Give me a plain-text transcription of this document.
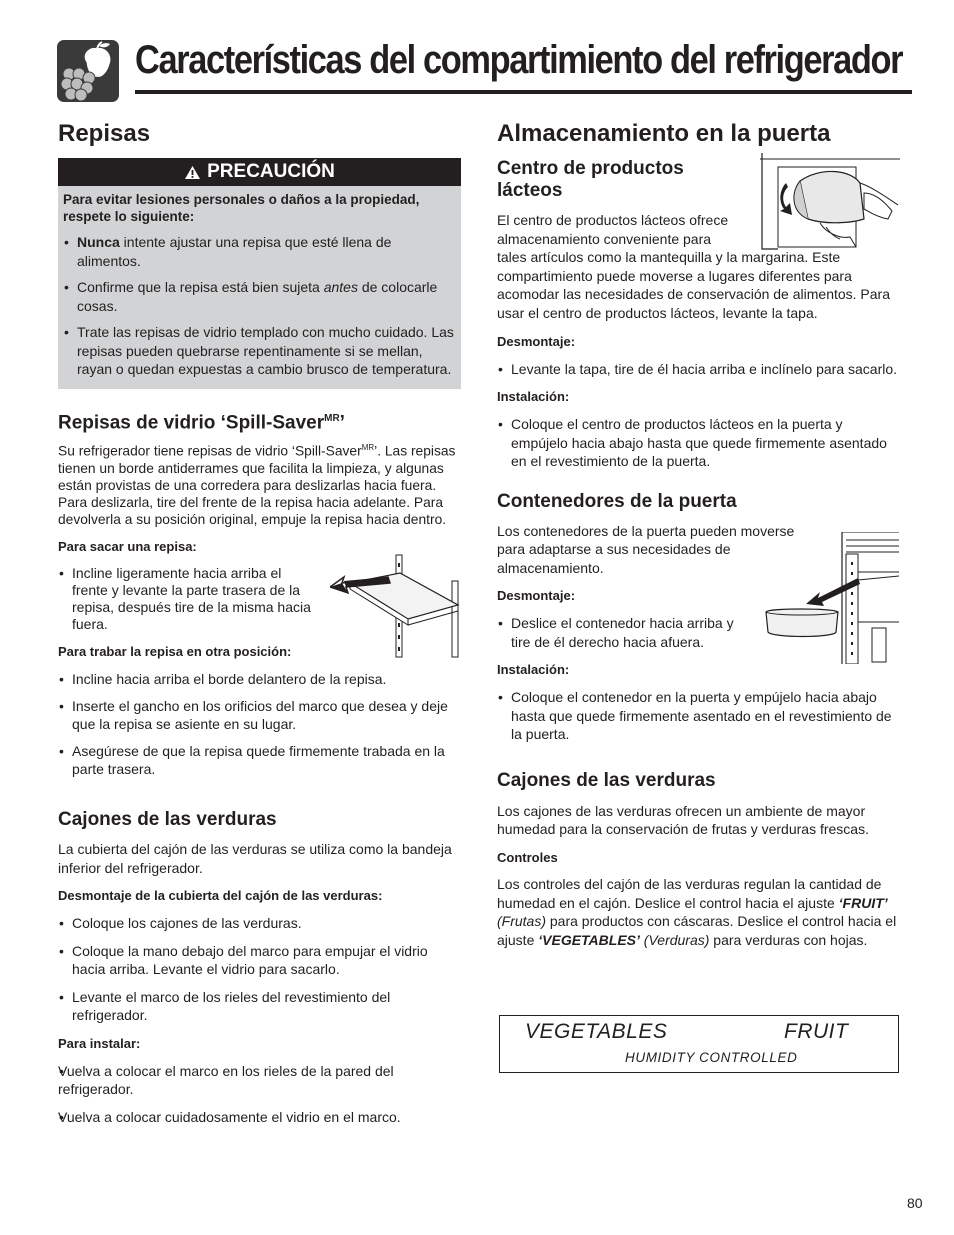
Características del compartimiento del refrigerador
Repisas
PRECAUCIÓN
Para evitar lesiones personales o daños a la propiedad, respete lo siguiente:
• Nunca intente ajustar una repisa que esté llena de alimentos.
• Confirme que la repisa está bien sujeta antes de colocarle cosas.
• Trate las repisas de vidrio templado con mucho cuidado. Las repisas pueden quebrarse repentinamente si se mellan, rayan o quedan expuestas a cambio brusco de temperatura.
Repisas de vidrio ‘Spill-Saver$^{MR}$’

Su refrigerador tiene repisas de vidrio ‘Spill-Saver$^{MR}$’. Las repisas tienen un borde antiderrames que facilita la limpieza, y algunas están provistas de una corredera para deslizarlas hacia fuera. Para deslizarla, tire del frente de la repisa hacia adelante. Para devolverla a su posición original, empuje la repisa hacia dentro.

Para sacar una repisa:
• Incline ligeramente hacia arriba el frente y levante la parte trasera de la repisa, después tire de la misma hacia fuera.
Para trabar la repisa en otra posición:
• Incline hacia arriba el borde delantero de la repisa.
• Inserte el gancho en los orificios del marco que desea y deje que la repisa se asiente en su lugar.
• Asegúrese de que la repisa quede firmemente trabada en la parte trasera.
Cajones de las verduras

La cubierta del cajón de las verduras se utiliza como la bandeja inferior del refrigerador.

Desmontaje de la cubierta del cajón de las verduras:
• Coloque los cajones de las verduras.
• Coloque la mano debajo del marco para empujar el vidrio hacia arriba. Levante el vidrio para sacarlo.
• Levante el marco de los rieles del revestimiento del refrigerador.
Para instalar:
• Vuelva a colocar el marco en los rieles de la pared del refrigerador.
• Vuelva a colocar cuidadosamente el vidrio en el marco.
Almacenamiento en la puerta
Centro de productos lácteos

El centro de productos lácteos ofrece almacenamiento conveniente para
tales artículos como la mantequilla y la margarina. Este compartimiento puede moverse a lugares diferentes para acomodar las necesidades de conservación de alimentos. Para usar el centro de productos lácteos, levante la tapa.

Desmontaje:
• Levante la tapa, tire de él hacia arriba e inclínelo para sacarlo.
Instalación:
• Coloque el centro de productos lácteos en la puerta y empújelo hacia abajo hasta que quede firmemente asentado en el revestimiento de la puerta.
Contenedores de la puerta

Los contenedores de la puerta pueden moverse para adaptarse a sus necesidades de almacenamiento.

Desmontaje:
• Deslice el contenedor hacia arriba y tire de él derecho hacia afuera.
Instalación:
• Coloque el contenedor en la puerta y empújelo hacia abajo hasta que quede firmemente asentado en el revestimiento de la puerta.
Cajones de las verduras

Los cajones de las verduras ofrecen un ambiente de mayor humedad para la conservación de frutas y verduras frescas.

Controles

Los controles del cajón de las verduras regulan la cantidad de humedad en el cajón. Deslice el control hacia el ajuste ‘FRUIT’ (Frutas) para productos con cáscaras. Deslice el control hacia el ajuste ‘VEGETABLES’ (Verduras) para verduras con hojas.

VEGETABLES	FRUIT
HUMIDITY CONTROLLED
80
